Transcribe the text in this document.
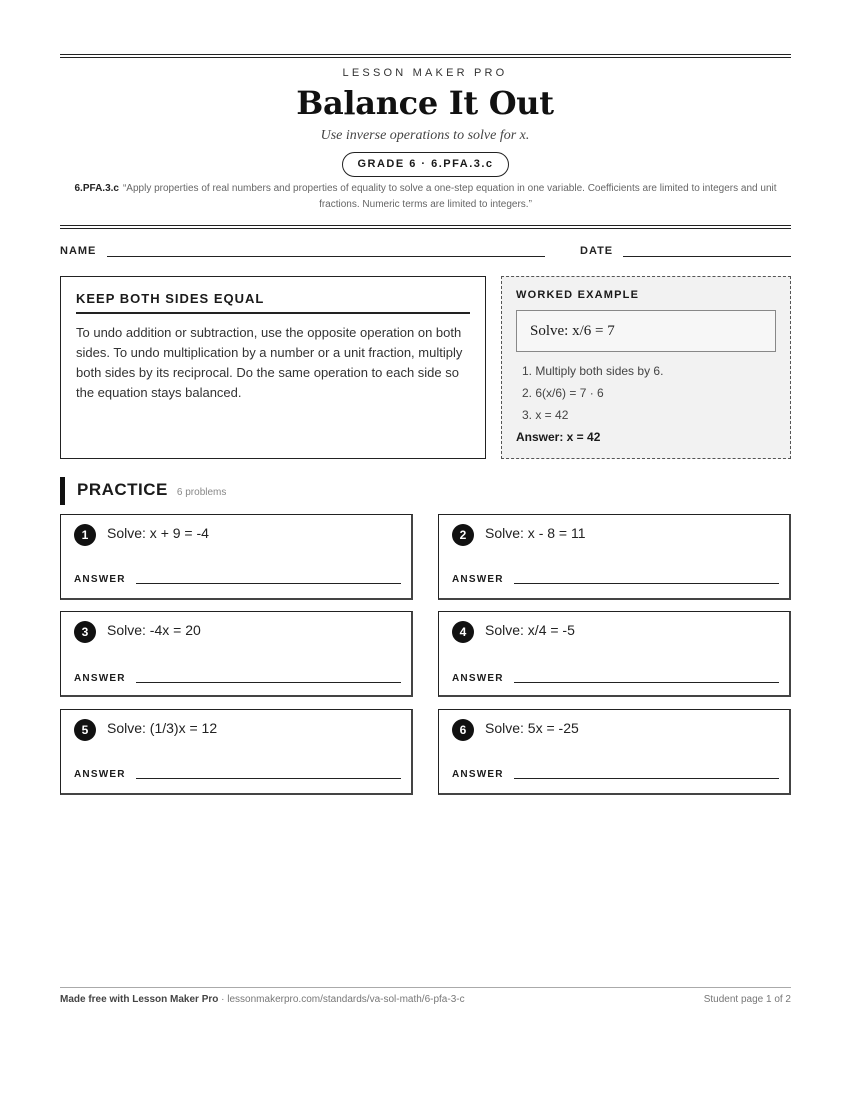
LESSON MAKER PRO
Balance It Out
Use inverse operations to solve for x.
GRADE 6 · 6.PFA.3.c
6.PFA.3.c “Apply properties of real numbers and properties of equality to solve a one-step equation in one variable. Coefficients are limited to integers and unit fractions. Numeric terms are limited to integers.”
NAME	DATE
KEEP BOTH SIDES EQUAL

To undo addition or subtraction, use the opposite operation on both sides. To undo multiplication by a number or a unit fraction, multiply both sides by its reciprocal. Do the same operation to each side so the equation stays balanced.

WORKED EXAMPLE
Solve: x/6 = 7
1. Multiply both sides by 6.
2. 6(x/6) = 7 · 6
3. x = 42
Answer: x = 42
PRACTICE 6 problems
1	Solve: x + 9 = -4
ANSWER
2	Solve: x - 8 = 11
ANSWER
3	Solve: -4x = 20
ANSWER
4	Solve: x/4 = -5
ANSWER
5	Solve: (1/3)x = 12
ANSWER
6	Solve: 5x = -25
ANSWER
Made free with Lesson Maker Pro · lessonmakerpro.com/standards/va-sol-math/6-pfa-3-c	Student page 1 of 2
